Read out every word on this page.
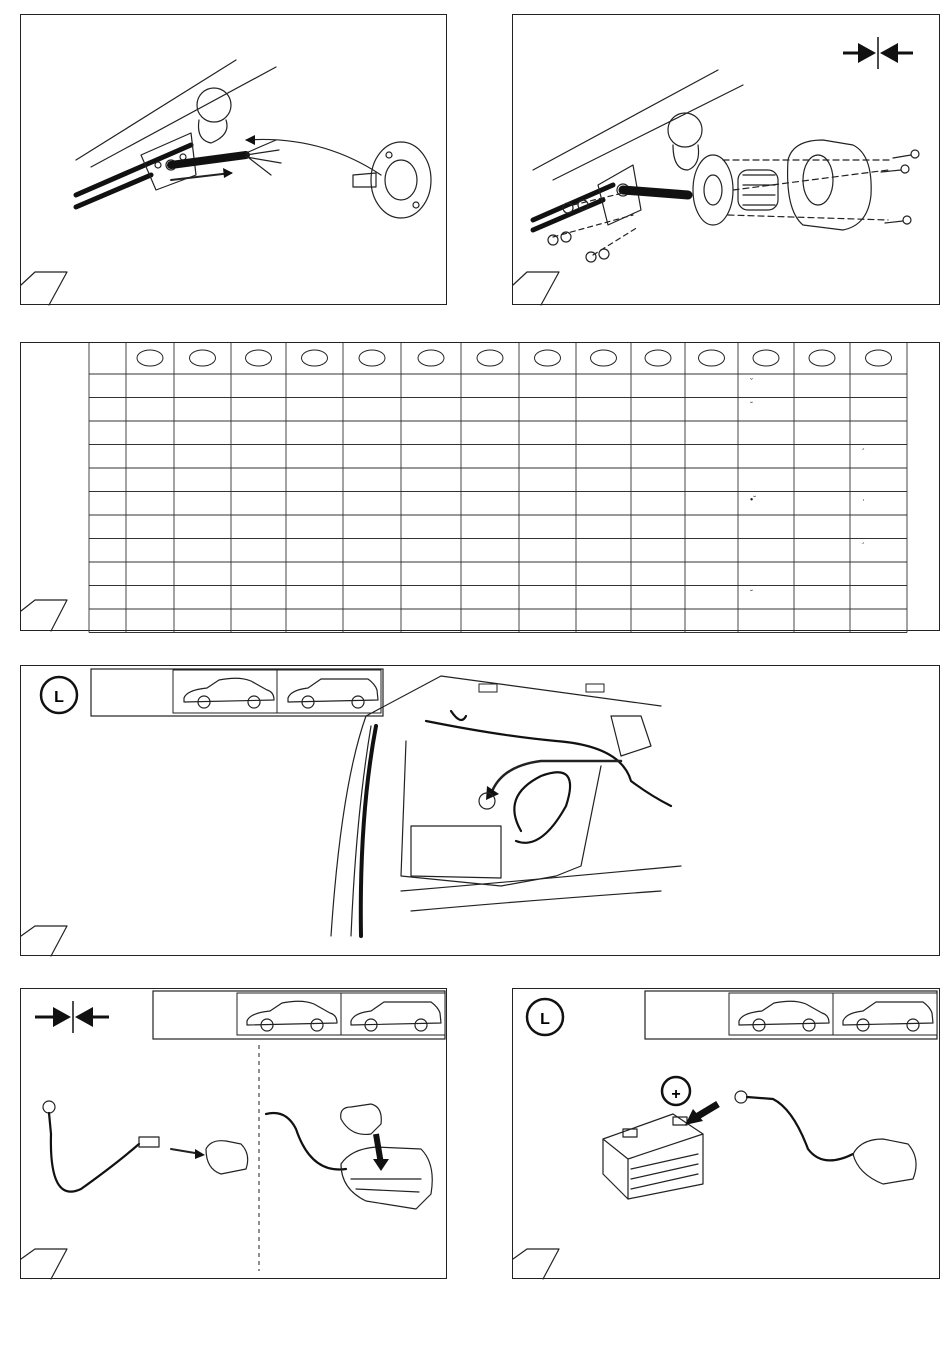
ˇ
ˇ
´
•ˇ	·
´
ˇ
L
L
+
